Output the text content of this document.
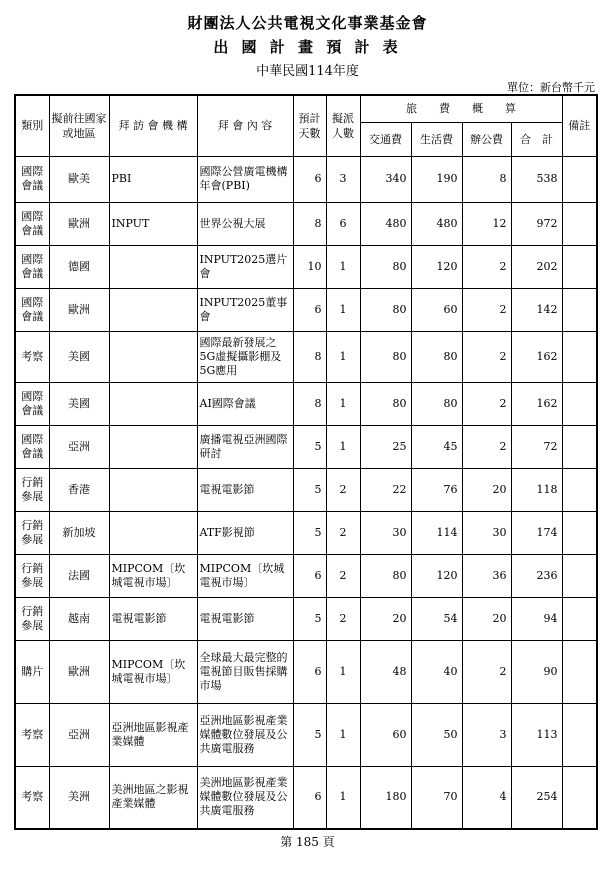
財團法人公共電視文化事業基金會
出 國 計 畫 預 計 表
中華民國114年度
單位：新台幣千元
類別	擬前往國家或地區	拜 訪 會 機 構	拜 會 內 容	預計天數	擬派人數	旅　　費　　概　　算				備註
						交通費	生活費	辦公費	合　計	
國際會議	歐美	PBI	國際公營廣電機構年會(PBI)	6	3	340	190	8	538	
國際會議	歐洲	INPUT	世界公視大展	8	6	480	480	12	972	
國際會議	德國		INPUT2025選片會	10	1	80	120	2	202	
國際會議	歐洲		INPUT2025董事會	6	1	80	60	2	142	
考察	美國		國際最新發展之5G虛擬攝影棚及5G應用	8	1	80	80	2	162	
國際會議	美國		AI國際會議	8	1	80	80	2	162	
國際會議	亞洲		廣播電視亞洲國際研討	5	1	25	45	2	72	
行銷參展	香港		電視電影節	5	2	22	76	20	118	
行銷參展	新加坡		ATF影視節	5	2	30	114	30	174	
行銷參展	法國	MIPCOM〔坎城電視市場〕	MIPCOM〔坎城電視市場〕	6	2	80	120	36	236	
行銷參展	越南	電視電影節	電視電影節	5	2	20	54	20	94	
購片	歐洲	MIPCOM〔坎城電視市場〕	全球最大最完整的電視節目販售採購市場	6	1	48	40	2	90	
考察	亞洲	亞洲地區影視產業媒體	亞洲地區影視產業媒體數位發展及公共廣電服務	5	1	60	50	3	113	
考察	美洲	美洲地區之影視產業媒體	美洲地區影視產業媒體數位發展及公共廣電服務	6	1	180	70	4	254	
第 185 頁
